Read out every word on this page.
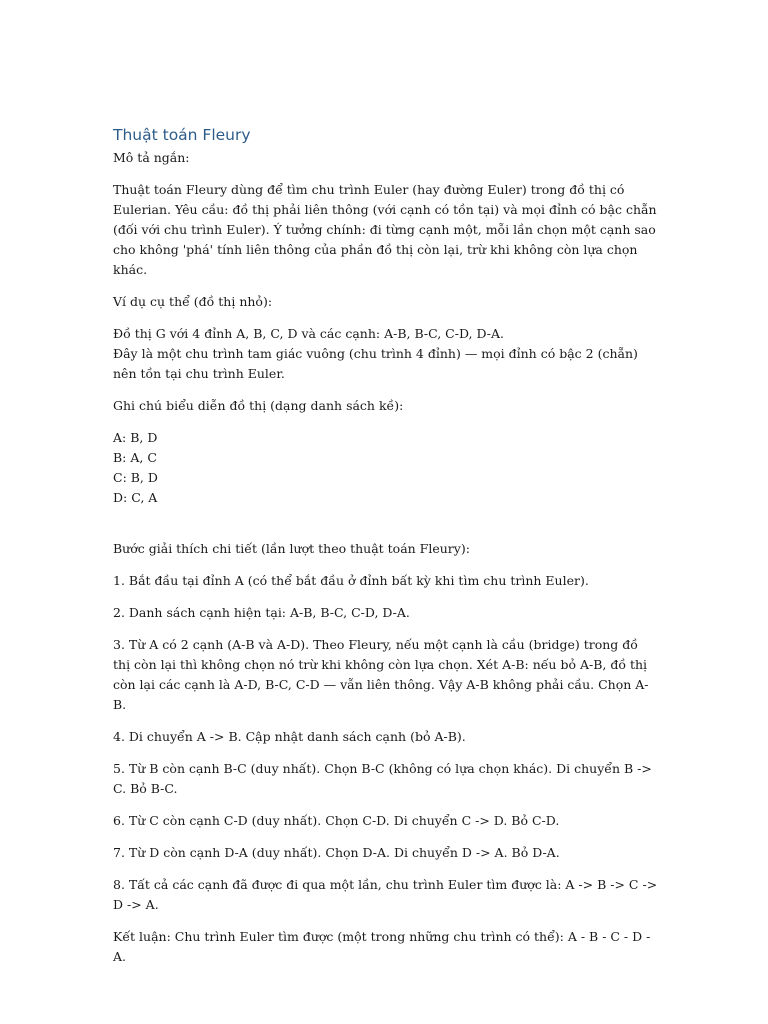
Thuật toán Fleury

Mô tả ngắn:

Thuật toán Fleury dùng để tìm chu trình Euler (hay đường Euler) trong đồ thị có Eulerian. Yêu cầu: đồ thị phải liên thông (với cạnh có tồn tại) và mọi đỉnh có bậc chẵn (đối với chu trình Euler). Ý tưởng chính: đi từng cạnh một, mỗi lần chọn một cạnh sao cho không 'phá' tính liên thông của phần đồ thị còn lại, trừ khi không còn lựa chọn khác.

Ví dụ cụ thể (đồ thị nhỏ):

Đồ thị G với 4 đỉnh A, B, C, D và các cạnh: A-B, B-C, C-D, D-A.
Đây là một chu trình tam giác vuông (chu trình 4 đỉnh) — mọi đỉnh có bậc 2 (chẵn) nên tồn tại chu trình Euler.

Ghi chú biểu diễn đồ thị (dạng danh sách kề):

A: B, D
B: A, C
C: B, D
D: C, A

Bước giải thích chi tiết (lần lượt theo thuật toán Fleury):

1. Bắt đầu tại đỉnh A (có thể bắt đầu ở đỉnh bất kỳ khi tìm chu trình Euler).

2. Danh sách cạnh hiện tại: A-B, B-C, C-D, D-A.

3. Từ A có 2 cạnh (A-B và A-D). Theo Fleury, nếu một cạnh là cầu (bridge) trong đồ thị còn lại thì không chọn nó trừ khi không còn lựa chọn. Xét A-B: nếu bỏ A-B, đồ thị còn lại các cạnh là A-D, B-C, C-D — vẫn liên thông. Vậy A-B không phải cầu. Chọn A-B.

4. Di chuyển A -> B. Cập nhật danh sách cạnh (bỏ A-B).

5. Từ B còn cạnh B-C (duy nhất). Chọn B-C (không có lựa chọn khác). Di chuyển B -> C. Bỏ B-C.

6. Từ C còn cạnh C-D (duy nhất). Chọn C-D. Di chuyển C -> D. Bỏ C-D.

7. Từ D còn cạnh D-A (duy nhất). Chọn D-A. Di chuyển D -> A. Bỏ D-A.

8. Tất cả các cạnh đã được đi qua một lần, chu trình Euler tìm được là: A -> B -> C -> D -> A.

Kết luận: Chu trình Euler tìm được (một trong những chu trình có thể): A - B - C - D - A.
